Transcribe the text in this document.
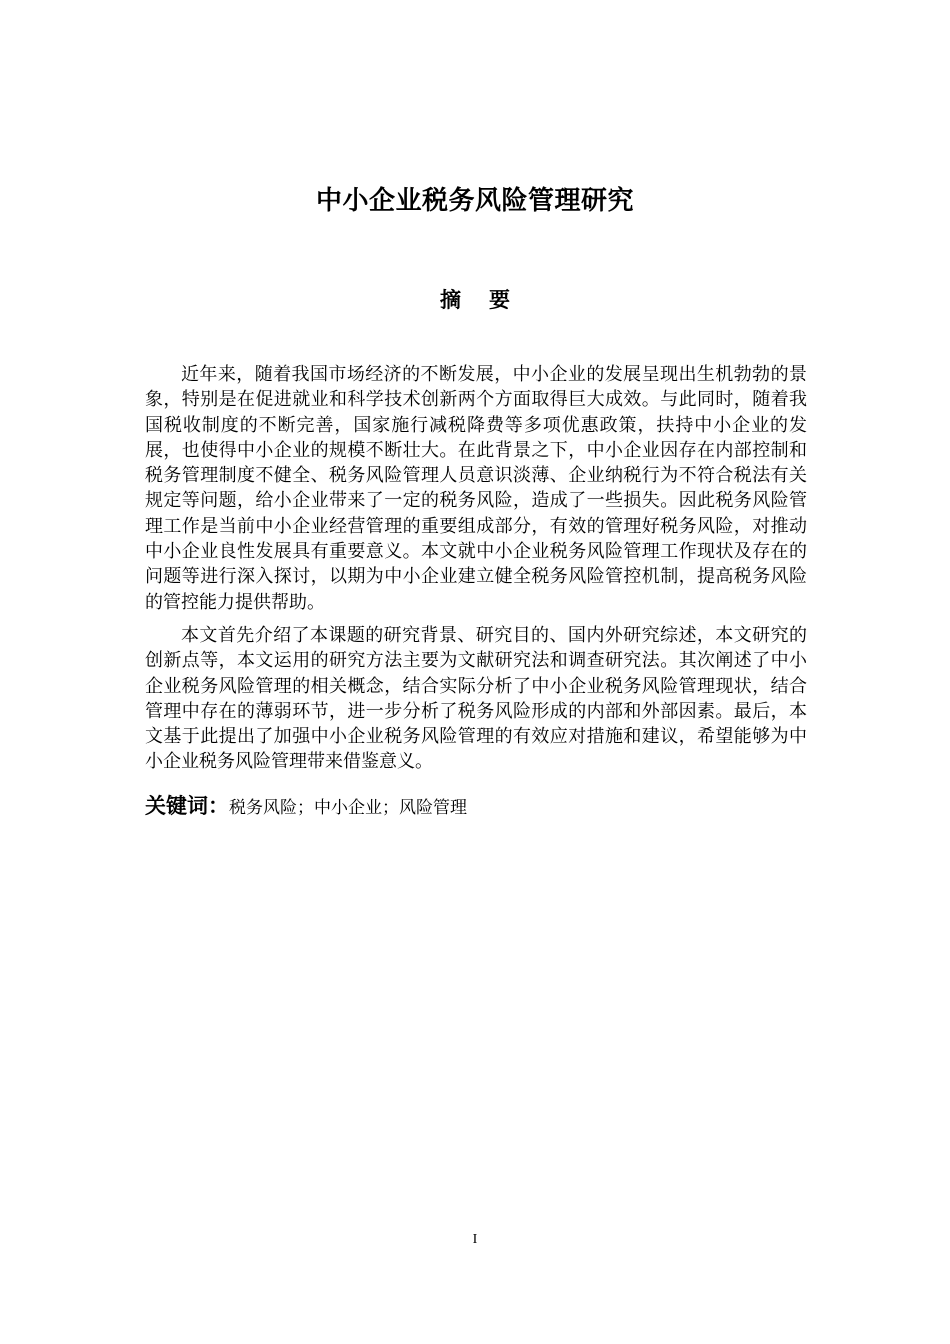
中小企业税务风险管理研究
摘要

近年来，随着我国市场经济的不断发展，中小企业的发展呈现出生机勃勃的景象，特别是在促进就业和科学技术创新两个方面取得巨大成效。与此同时，随着我国税收制度的不断完善，国家施行减税降费等多项优惠政策，扶持中小企业的发展，也使得中小企业的规模不断壮大。在此背景之下，中小企业因存在内部控制和税务管理制度不健全、税务风险管理人员意识淡薄、企业纳税行为不符合税法有关规定等问题，给小企业带来了一定的税务风险，造成了一些损失。因此税务风险管理工作是当前中小企业经营管理的重要组成部分，有效的管理好税务风险，对推动中小企业良性发展具有重要意义。本文就中小企业税务风险管理工作现状及存在的问题等进行深入探讨，以期为中小企业建立健全税务风险管控机制，提高税务风险的管控能力提供帮助。

本文首先介绍了本课题的研究背景、研究目的、国内外研究综述，本文研究的创新点等，本文运用的研究方法主要为文献研究法和调查研究法。其次阐述了中小企业税务风险管理的相关概念，结合实际分析了中小企业税务风险管理现状，结合管理中存在的薄弱环节，进一步分析了税务风险形成的内部和外部因素。最后，本文基于此提出了加强中小企业税务风险管理的有效应对措施和建议，希望能够为中小企业税务风险管理带来借鉴意义。

关键词：税务风险；中小企业；风险管理

I
